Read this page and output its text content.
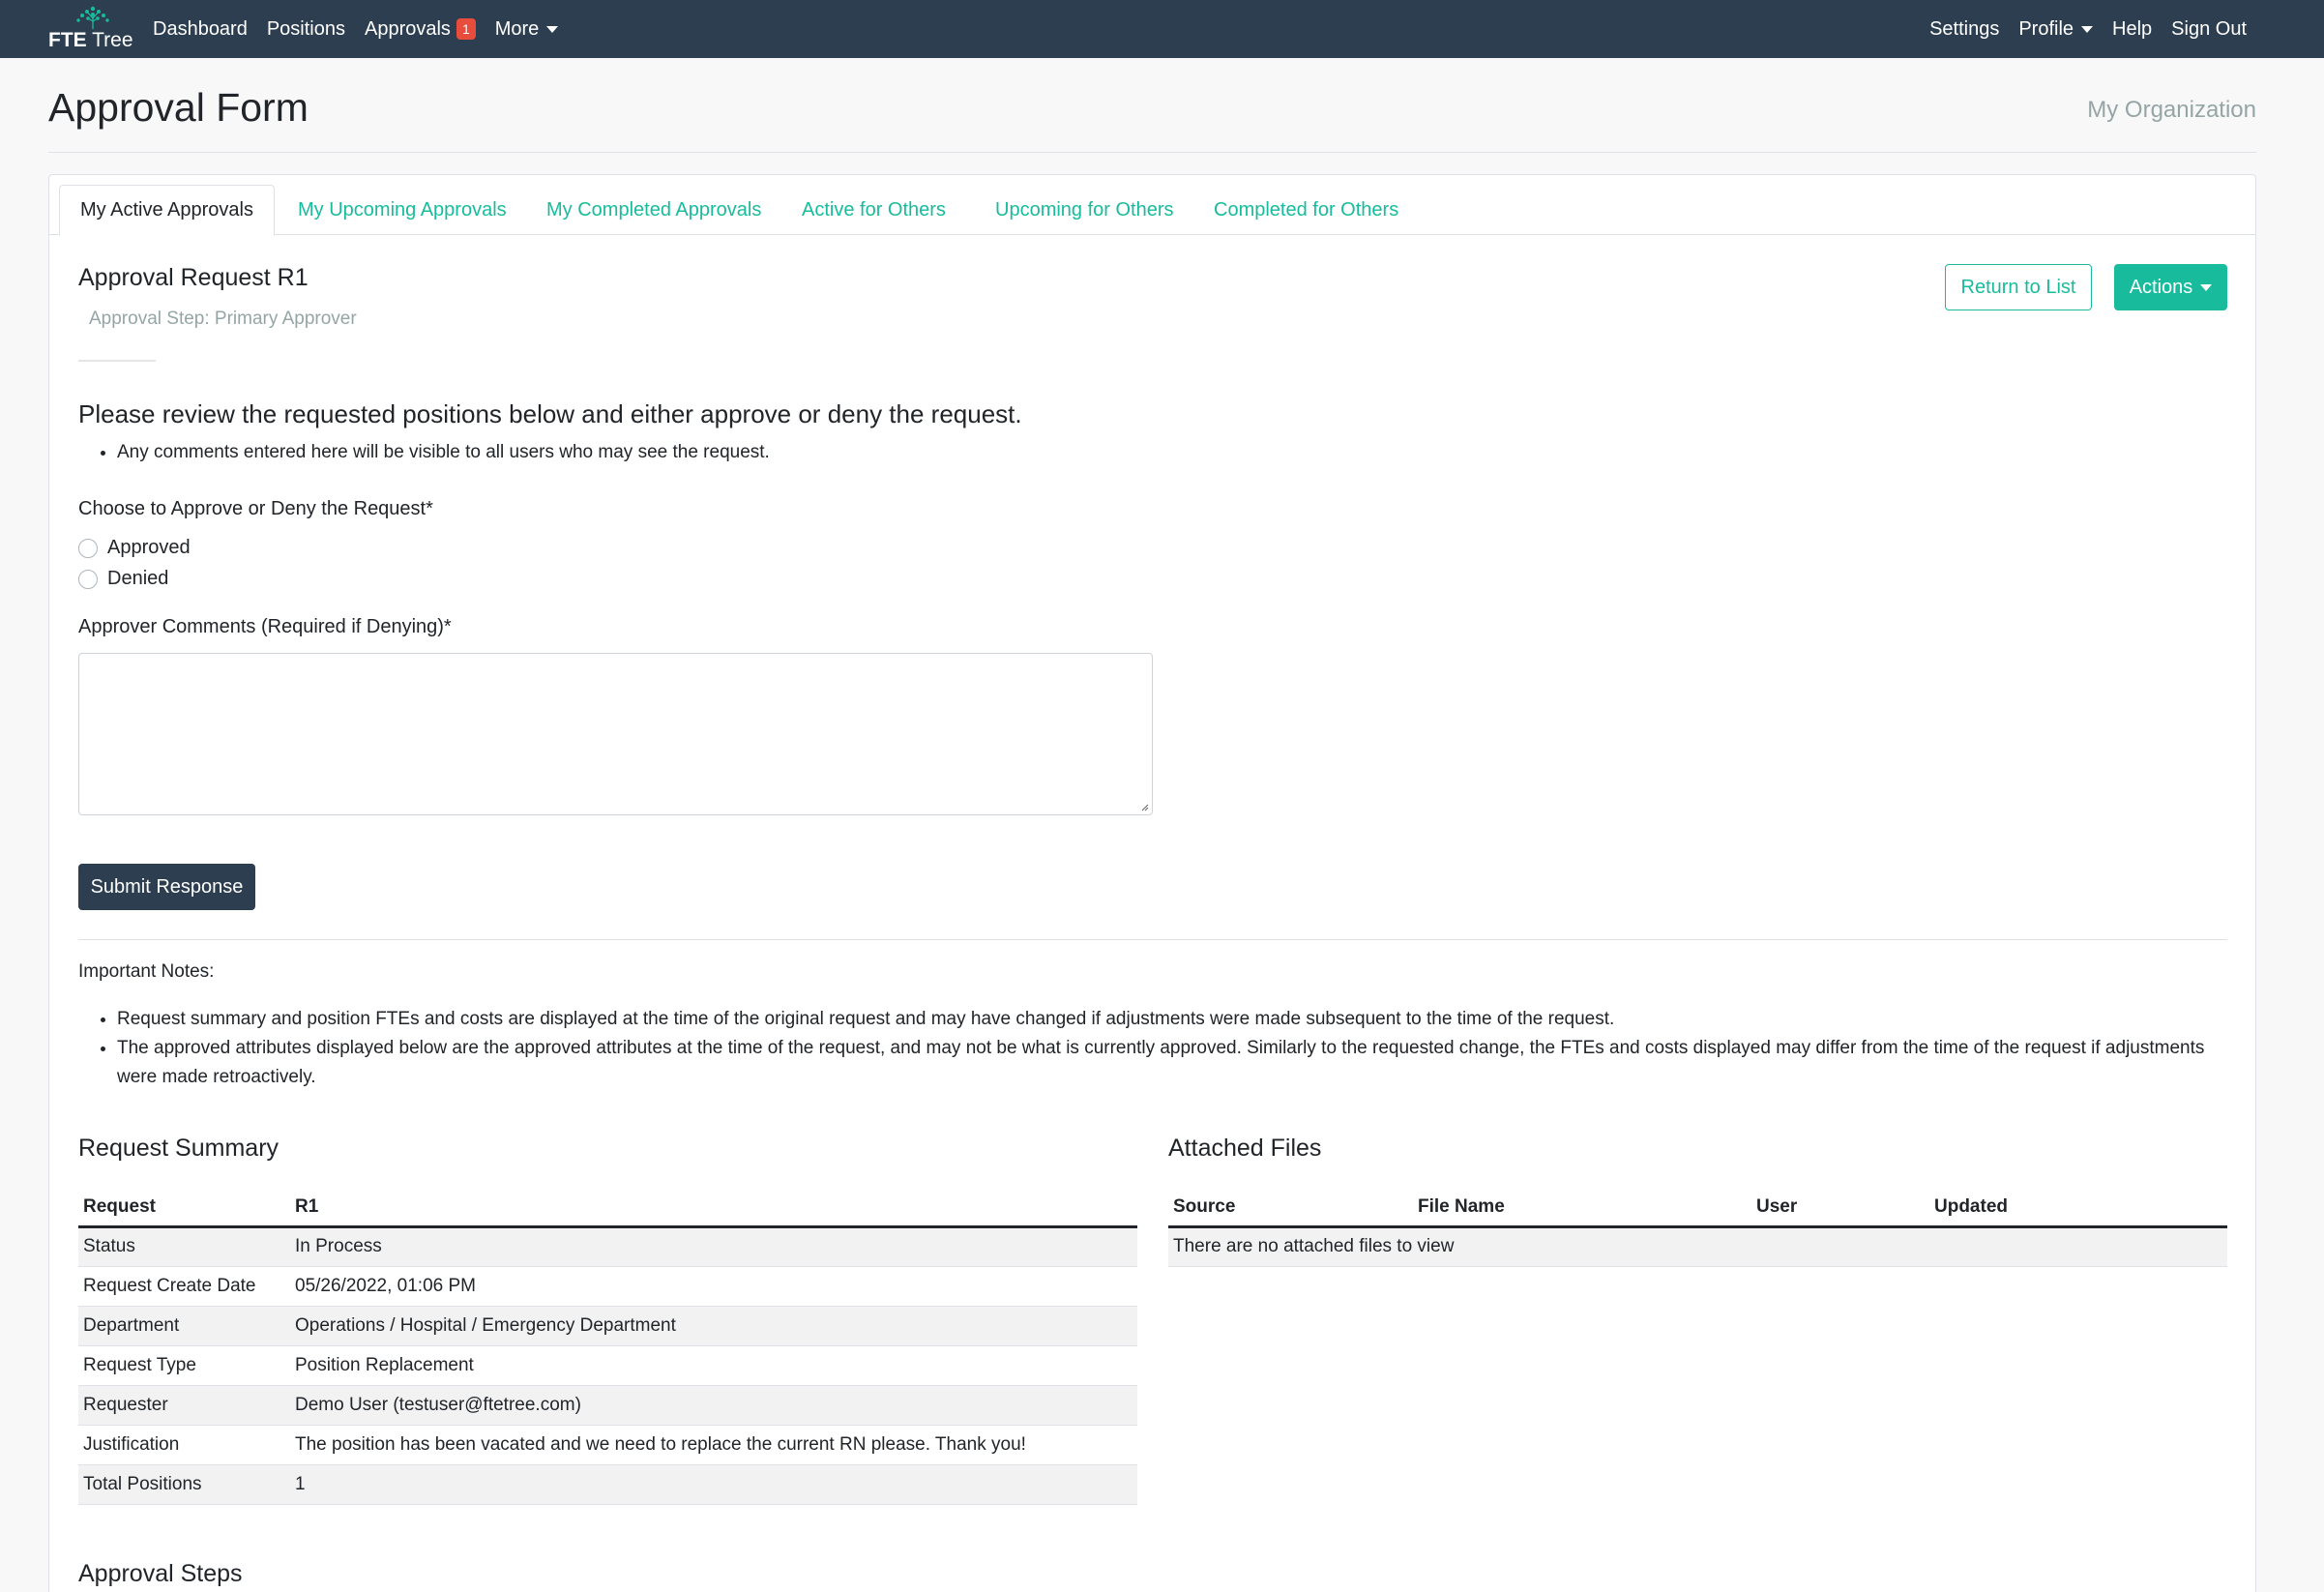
FTE Tree
Dashboard Positions Approvals 1	More	Settings Profile Help Sign Out
Approval Form	My Organization
My Active Approvals	My Upcoming Approvals	My Completed Approvals	Active for Others	Upcoming for Others	Completed for Others
Approval Request R1
Approval Step: Primary Approver
Return to List	Actions
Please review the requested positions below and either approve or deny the request.
• Any comments entered here will be visible to all users who may see the request.
Choose to Approve or Deny the Request*
Approved
Denied
Approver Comments (Required if Denying)*
Submit Response
Important Notes:
• Request summary and position FTEs and costs are displayed at the time of the original request and may have changed if adjustments were made subsequent to the time of the request.
• The approved attributes displayed below are the approved attributes at the time of the request, and may not be what is currently approved. Similarly to the requested change, the FTEs and costs displayed may differ from the time of the request if adjustments were made retroactively.
Request Summary
Request	R1
Status	In Process
Request Create Date	05/26/2022, 01:06 PM
Department	Operations / Hospital / Emergency Department
Request Type	Position Replacement
Requester	Demo User (testuser@ftetree.com)
Justification	The position has been vacated and we need to replace the current RN please. Thank you!
Total Positions	1
Attached Files
Source	File Name	User	Updated
There are no attached files to view
Approval Steps
